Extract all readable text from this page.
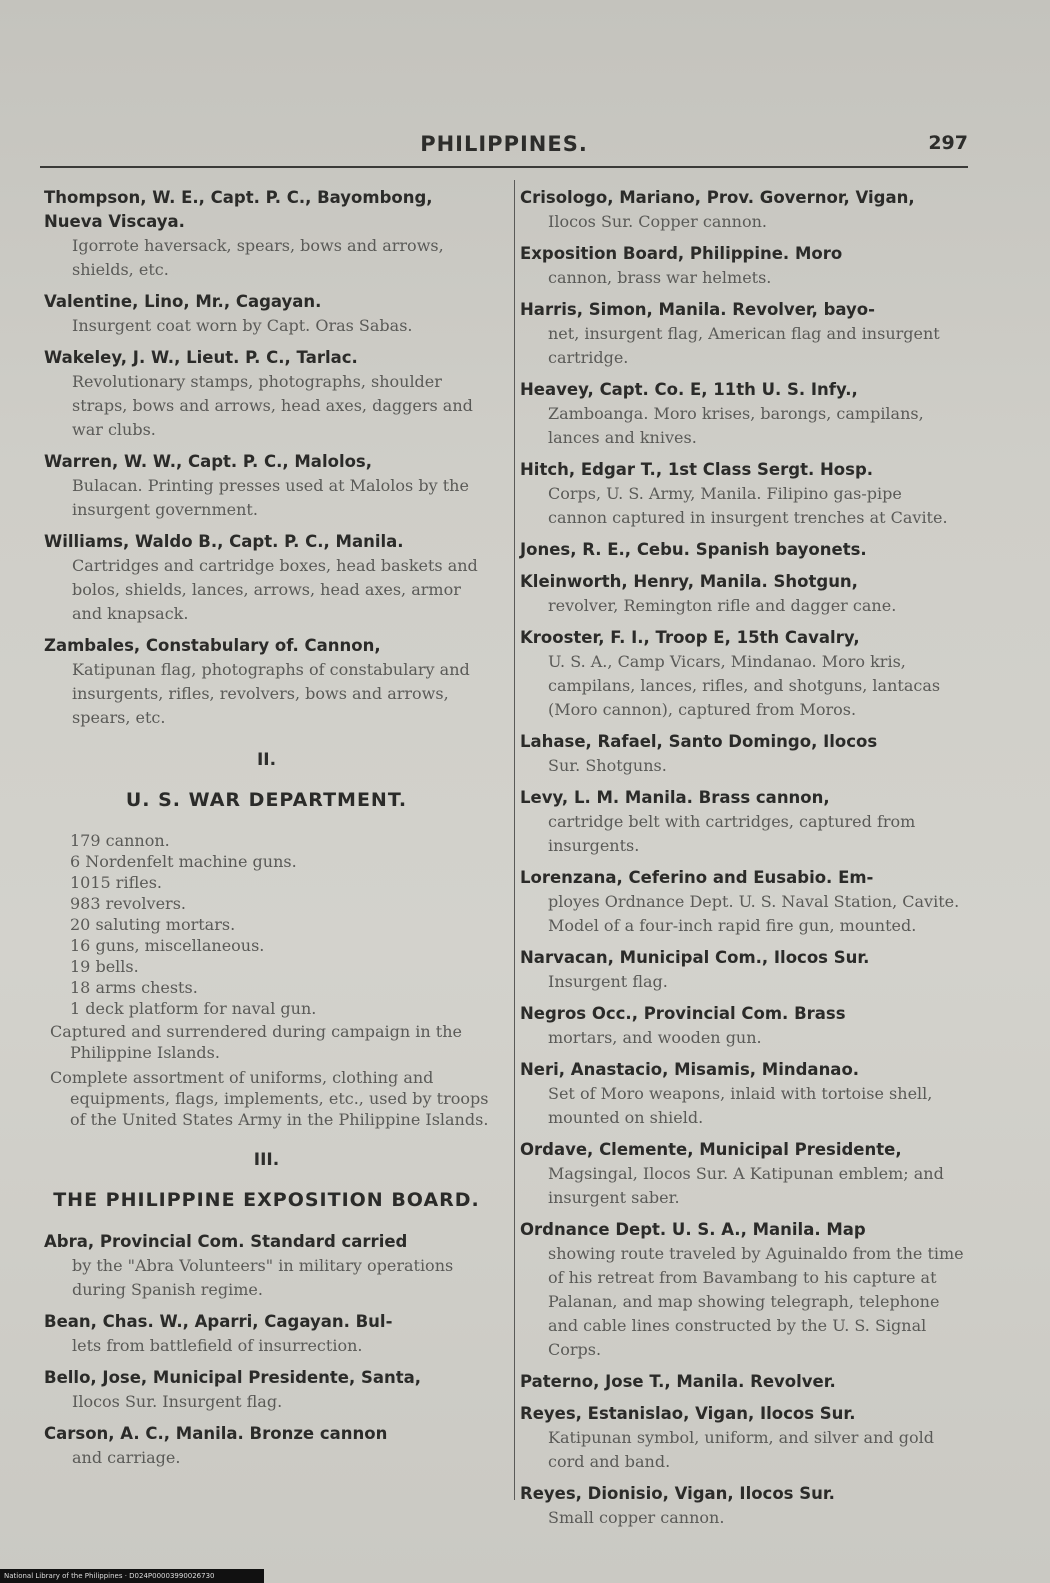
PHILIPPINES.	297
Thompson, W. E., Capt. P. C., Bayombong, Nueva Viscaya.
Igorrote haversack, spears, bows and arrows, shields, etc.
Valentine, Lino, Mr., Cagayan.
Insurgent coat worn by Capt. Oras Sabas.
Wakeley, J. W., Lieut. P. C., Tarlac.
Revolutionary stamps, photographs, shoulder straps, bows and arrows, head axes, daggers and war clubs.
Warren, W. W., Capt. P. C., Malolos,
Bulacan. Printing presses used at Malolos by the insurgent government.
Williams, Waldo B., Capt. P. C., Manila.
Cartridges and cartridge boxes, head baskets and bolos, shields, lances, arrows, head axes, armor and knapsack.
Zambales, Constabulary of. Cannon,
Katipunan flag, photographs of constabulary and insurgents, rifles, revolvers, bows and arrows, spears, etc.
II.
U. S. WAR DEPARTMENT.
179 cannon.
6 Nordenfelt machine guns.
1015 rifles.
983 revolvers.
20 saluting mortars.
16 guns, miscellaneous.
19 bells.
18 arms chests.
1 deck platform for naval gun.
Captured and surrendered during campaign in the Philippine Islands.
Complete assortment of uniforms, clothing and equipments, flags, implements, etc., used by troops of the United States Army in the Philippine Islands.
III.
THE PHILIPPINE EXPOSITION BOARD.
Abra, Provincial Com. Standard carried
by the "Abra Volunteers" in military operations during Spanish regime.
Bean, Chas. W., Aparri, Cagayan. Bul-
lets from battlefield of insurrection.
Bello, Jose, Municipal Presidente, Santa,
Ilocos Sur. Insurgent flag.
Carson, A. C., Manila. Bronze cannon
and carriage.
Crisologo, Mariano, Prov. Governor, Vigan,
Ilocos Sur. Copper cannon.
Exposition Board, Philippine. Moro
cannon, brass war helmets.
Harris, Simon, Manila. Revolver, bayo-
net, insurgent flag, American flag and insurgent cartridge.
Heavey, Capt. Co. E, 11th U. S. Infy.,
Zamboanga. Moro krises, barongs, campilans, lances and knives.
Hitch, Edgar T., 1st Class Sergt. Hosp.
Corps, U. S. Army, Manila. Filipino gas-pipe cannon captured in insurgent trenches at Cavite.
Jones, R. E., Cebu. Spanish bayonets.
Kleinworth, Henry, Manila. Shotgun,
revolver, Remington rifle and dagger cane.
Krooster, F. I., Troop E, 15th Cavalry,
U. S. A., Camp Vicars, Mindanao. Moro kris, campilans, lances, rifles, and shotguns, lantacas (Moro cannon), captured from Moros.
Lahase, Rafael, Santo Domingo, Ilocos
Sur. Shotguns.
Levy, L. M. Manila. Brass cannon,
cartridge belt with cartridges, captured from insurgents.
Lorenzana, Ceferino and Eusabio. Em-
ployes Ordnance Dept. U. S. Naval Station, Cavite. Model of a four-inch rapid fire gun, mounted.
Narvacan, Municipal Com., Ilocos Sur.
Insurgent flag.
Negros Occ., Provincial Com. Brass
mortars, and wooden gun.
Neri, Anastacio, Misamis, Mindanao.
Set of Moro weapons, inlaid with tortoise shell, mounted on shield.
Ordave, Clemente, Municipal Presidente,
Magsingal, Ilocos Sur. A Katipunan emblem; and insurgent saber.
Ordnance Dept. U. S. A., Manila. Map
showing route traveled by Aguinaldo from the time of his retreat from Bavambang to his capture at Palanan, and map showing telegraph, telephone and cable lines constructed by the U. S. Signal Corps.
Paterno, Jose T., Manila. Revolver.
Reyes, Estanislao, Vigan, Ilocos Sur.
Katipunan symbol, uniform, and silver and gold cord and band.
Reyes, Dionisio, Vigan, Ilocos Sur.
Small copper cannon.
National Library of the Philippines · D024P00003990026730
